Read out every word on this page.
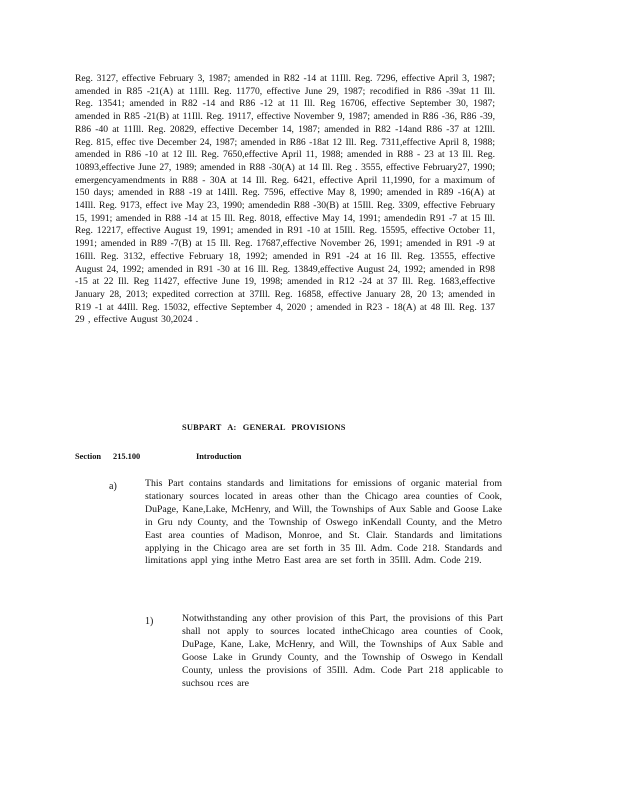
Reg. 3127, effective February 3, 1987; amended in R82 -14 at 11Ill. Reg. 7296, effective April 3, 1987; amended in R85 -21(A) at 11Ill. Reg. 11770, effective June 29, 1987; recodified in R86 -39at 11 Ill. Reg. 13541; amended in R82 -14 and R86 -12 at 11 Ill. Reg 16706, effective September 30, 1987; amended in R85 -21(B) at 11Ill. Reg. 19117, effective November 9, 1987; amended in R86 -36, R86 -39, R86 -40 at 11Ill. Reg. 20829, effective December 14, 1987; amended in R82 -14and R86 -37 at 12Ill. Reg. 815, effec tive December 24, 1987; amended in R86 -18at 12 Ill. Reg. 7311,effective April 8, 1988; amended in R86 -10 at 12 Ill. Reg. 7650,effective April 11, 1988; amended in R88 - 23 at 13 Ill. Reg. 10893,effective June 27, 1989; amended in R88 -30(A) at 14 Ill. Reg . 3555, effective February27, 1990; emergencyamendments in R88 - 30A at 14 Ill. Reg. 6421, effective April 11,1990, for a maximum of 150 days; amended in R88 -19 at 14Ill. Reg. 7596, effective May 8, 1990; amended in R89 -16(A) at 14Ill. Reg. 9173, effect ive May 23, 1990; amendedin R88 -30(B) at 15Ill. Reg. 3309, effective February 15, 1991; amended in R88 -14 at 15 Ill. Reg. 8018, effective May 14, 1991; amendedin R91 -7 at 15 Ill. Reg. 12217, effective August 19, 1991; amended in R91 -10 at 15Ill. Reg. 15595, effective October 11, 1991; amended in R89 -7(B) at 15 Ill. Reg. 17687,effective November 26, 1991; amended in R91 -9 at 16Ill. Reg. 3132, effective February 18, 1992; amended in R91 -24 at 16 Ill. Reg. 13555, effective August 24, 1992; amended in R91 -30 at 16 Ill. Reg. 13849,effective August 24, 1992; amended in R98 -15 at 22 Ill. Reg 11427, effective June 19, 1998; amended in R12 -24 at 37 Ill. Reg. 1683,effective January 28, 2013; expedited correction at 37Ill. Reg. 16858, effective January 28, 20 13; amended in R19 -1 at 44Ill. Reg. 15032, effective September 4, 2020 ; amended in R23 - 18(A) at 48 Ill. Reg. 137 29 , effective August 30,2024 .
SUBPART A: GENERAL PROVISIONS
Section 215.100	Introduction
a)	This Part contains standards and limitations for emissions of organic material from stationary sources located in areas other than the Chicago area counties of Cook, DuPage, Kane,Lake, McHenry, and Will, the Townships of Aux Sable and Goose Lake in Gru ndy County, and the Township of Oswego inKendall County, and the Metro East area counties of Madison, Monroe, and St. Clair. Standards and limitations applying in the Chicago area are set forth in 35 Ill. Adm. Code 218. Standards and limitations appl ying inthe Metro East area are set forth in 35Ill. Adm. Code 219.
1)	Notwithstanding any other provision of this Part, the provisions of this Part shall not apply to sources located intheChicago area counties of Cook, DuPage, Kane, Lake, McHenry, and Will, the Townships of Aux Sable and Goose Lake in Grundy County, and the Township of Oswego in Kendall County, unless the provisions of 35Ill. Adm. Code Part 218 applicable to suchsou rces are
